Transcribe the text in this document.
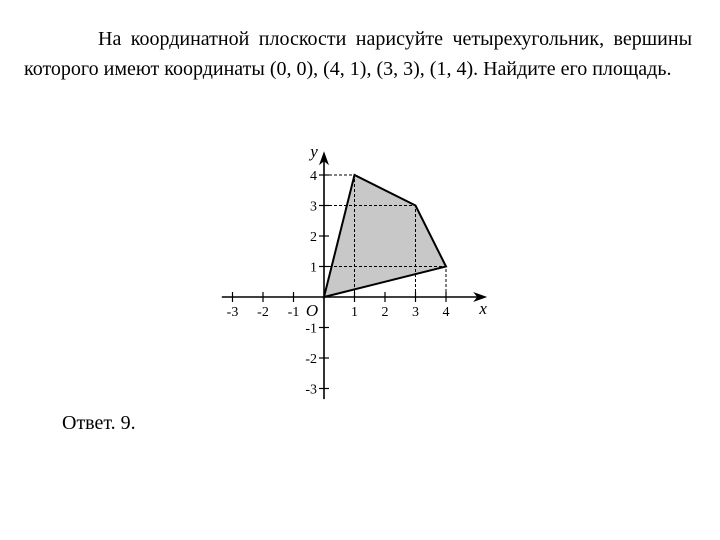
На координатной плоскости нарисуйте четырехугольник, вершины которого имеют координаты (0, 0), (4, 1), (3, 3), (1, 4). Найдите его площадь.

-3 -2 -1	1 2 3 4
4
3
2
1
-1
-2
-3
x
y
O
Ответ. 9.
